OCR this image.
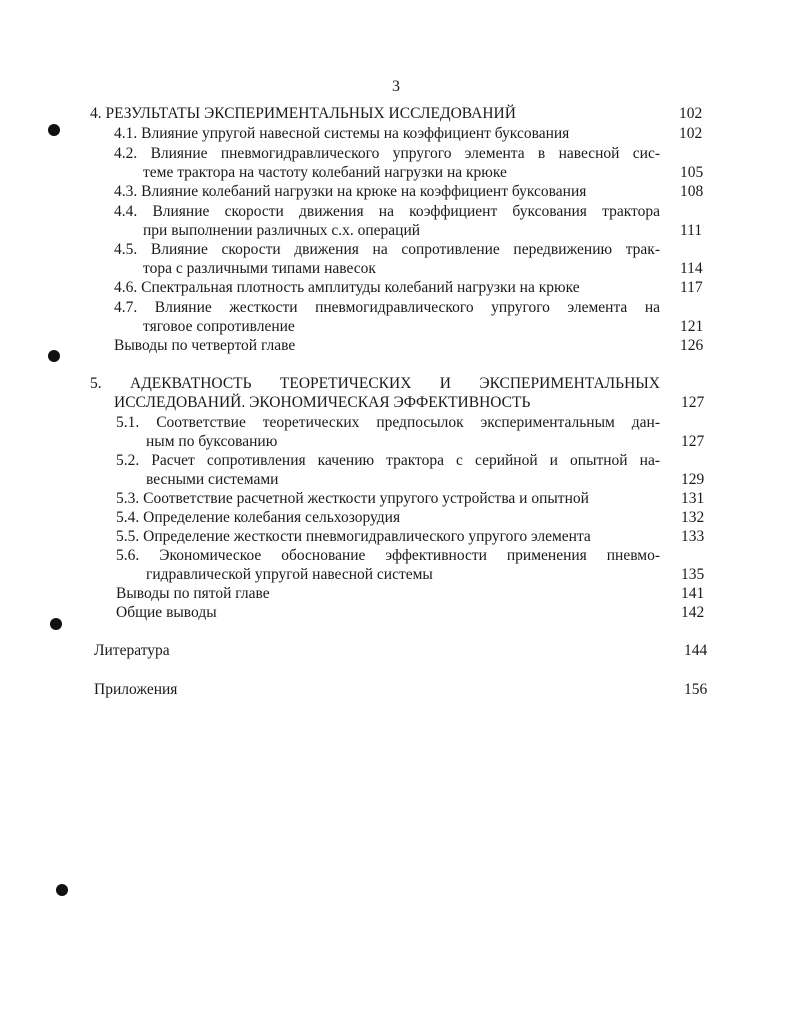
3
4. РЕЗУЛЬТАТЫ ЭКСПЕРИМЕНТАЛЬНЫХ ИССЛЕДОВАНИЙ	102
4.1. Влияние упругой навесной системы на коэффициент буксования	102
4.2. Влияние пневмогидравлического упругого элемента в навесной сис-
теме трактора на частоту колебаний нагрузки на крюке	105
4.3. Влияние колебаний нагрузки на крюке на коэффициент буксования	108
4.4. Влияние скорости движения на коэффициент буксования трактора
при выполнении различных с.х. операций	111
4.5. Влияние скорости движения на сопротивление передвижению трак-
тора с различными типами навесок	114
4.6. Спектральная плотность амплитуды колебаний нагрузки на крюке	117
4.7. Влияние жесткости пневмогидравлического упругого элемента на
тяговое сопротивление	121
Выводы по четвертой главе	126
5. АДЕКВАТНОСТЬ ТЕОРЕТИЧЕСКИХ И ЭКСПЕРИМЕНТАЛЬНЫХ
ИССЛЕДОВАНИЙ. ЭКОНОМИЧЕСКАЯ ЭФФЕКТИВНОСТЬ	127
5.1. Соответствие теоретических предпосылок экспериментальным дан-
ным по буксованию	127
5.2. Расчет сопротивления качению трактора с серийной и опытной на-
весными системами	129
5.3. Соответствие расчетной жесткости упругого устройства и опытной	131
5.4. Определение колебания сельхозорудия	132
5.5. Определение жесткости пневмогидравлического упругого элемента	133
5.6. Экономическое обоснование эффективности применения пневмо-
гидравлической упругой навесной системы	135
Выводы по пятой главе	141
Общие выводы	142
Литература	144
Приложения	156
